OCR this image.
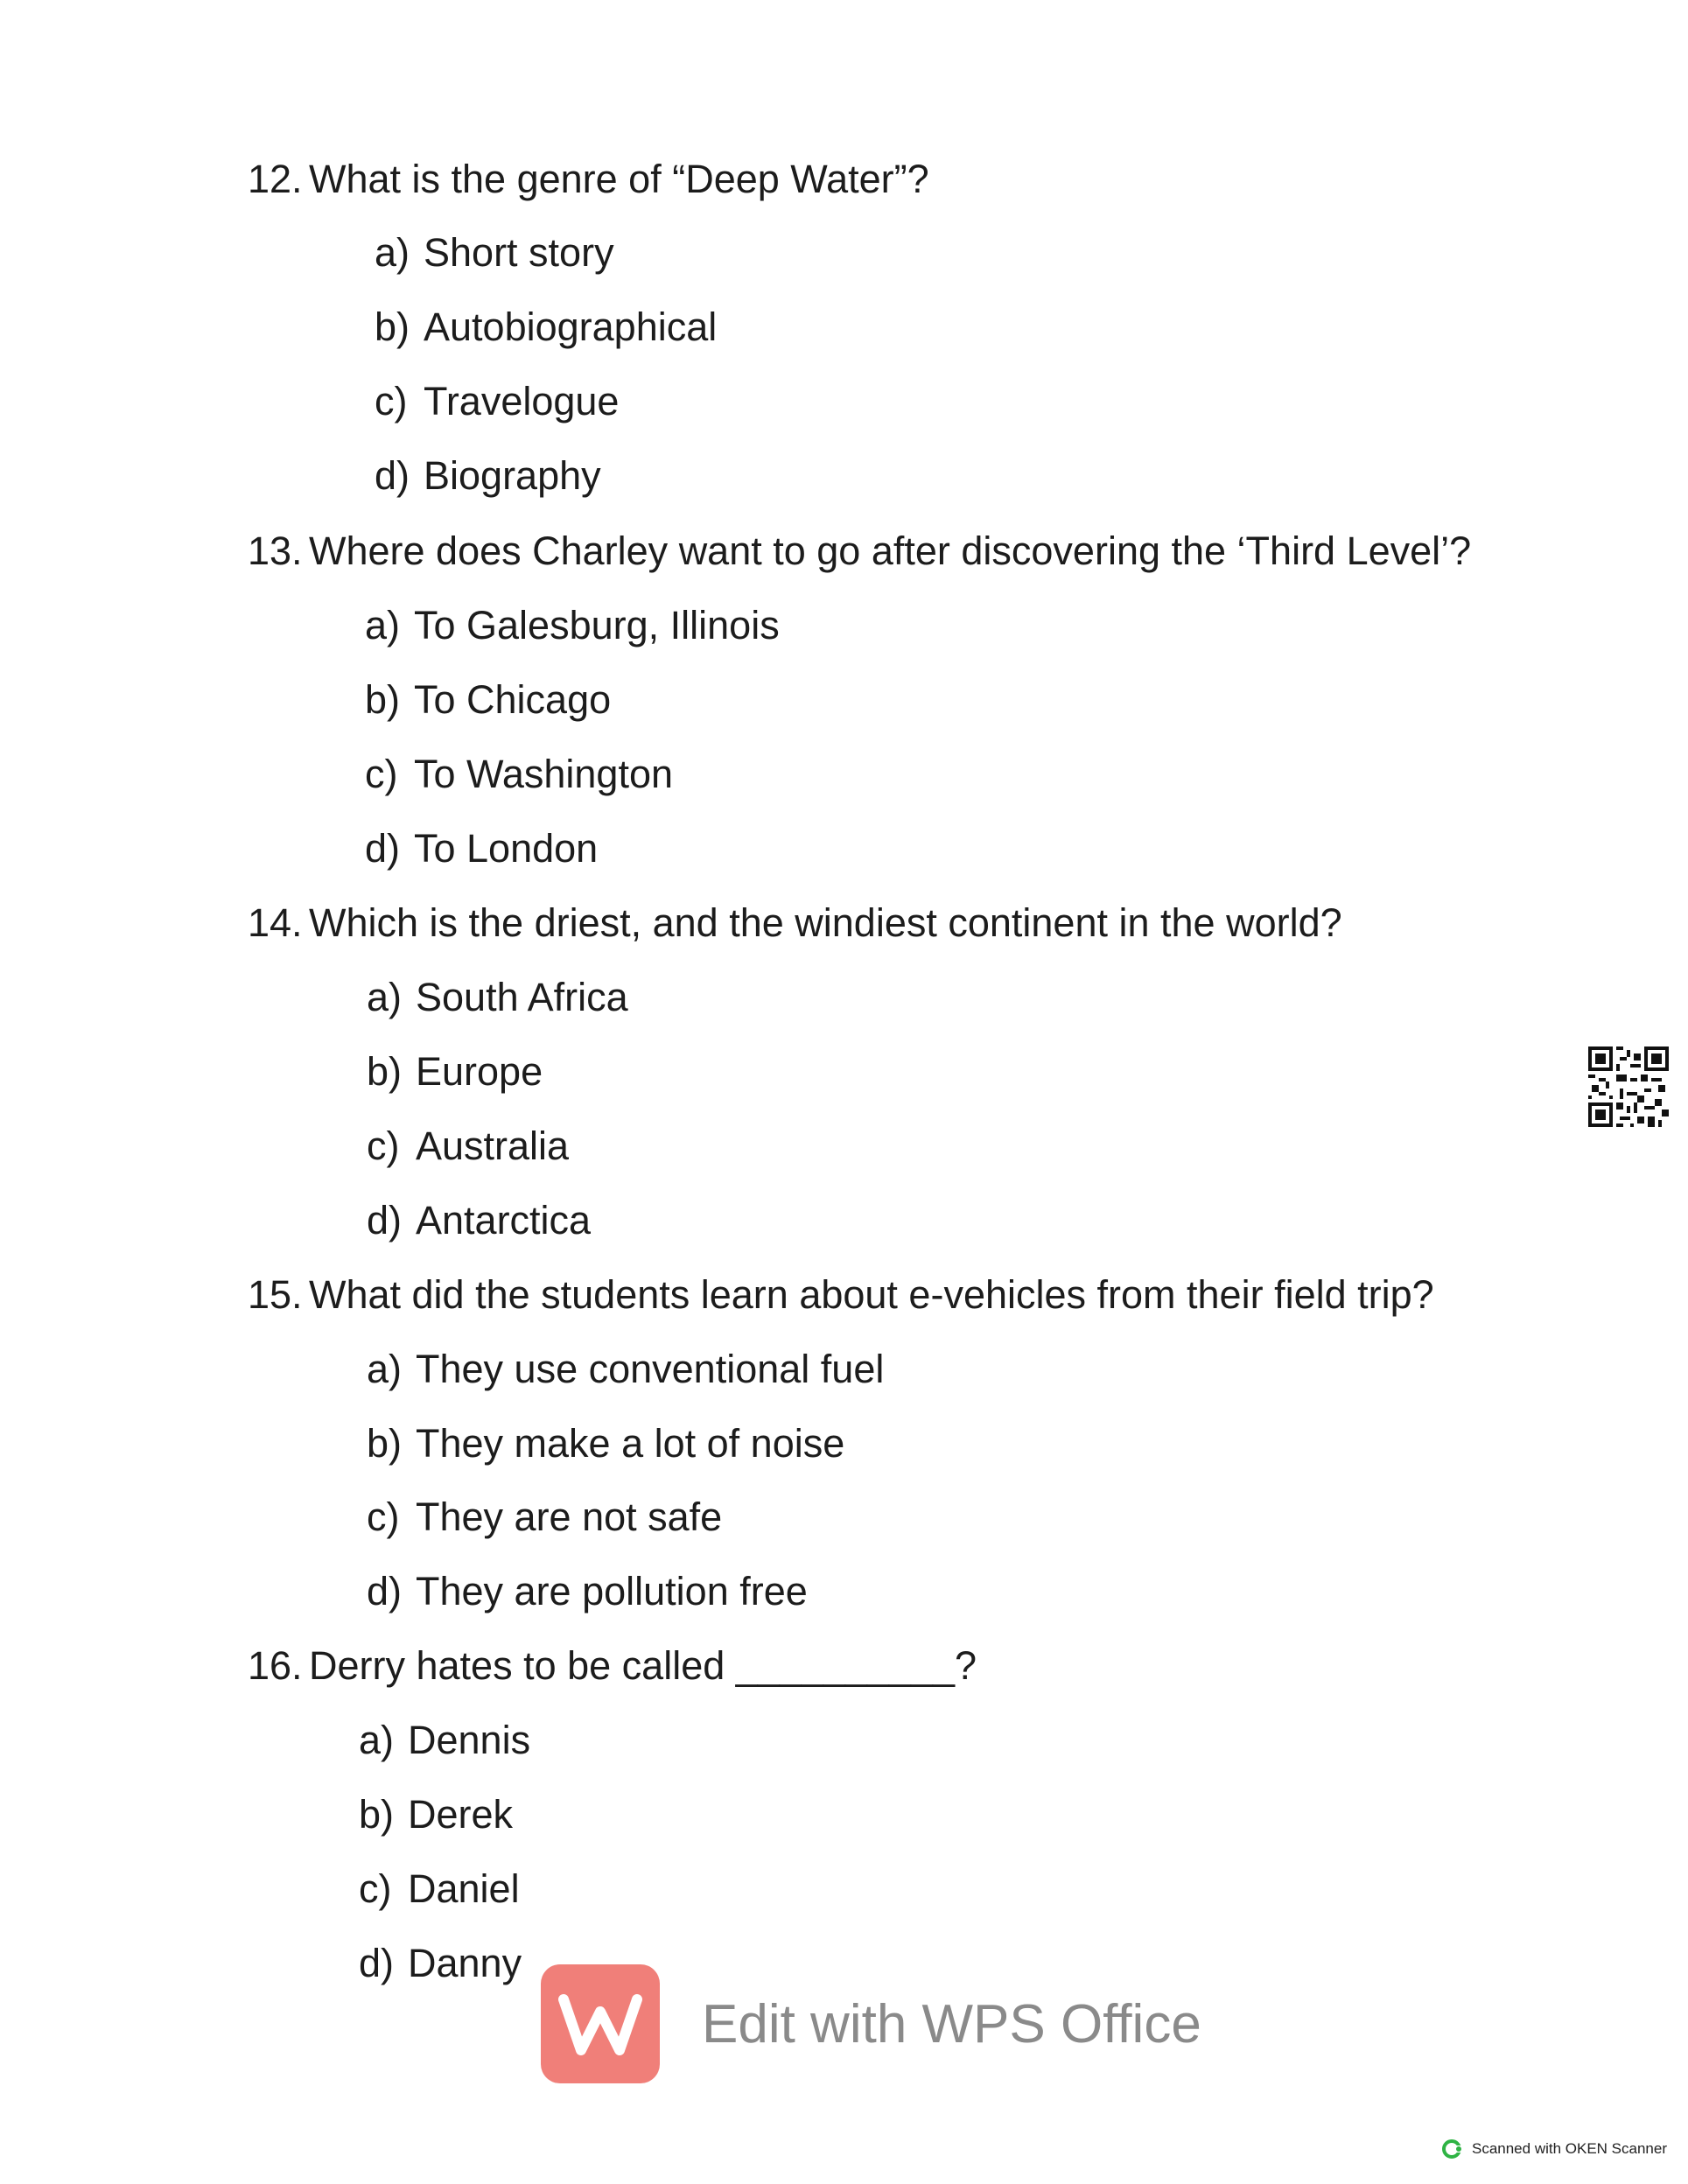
12. What is the genre of “Deep Water”?
a) Short story
b) Autobiographical
c) Travelogue
d) Biography
13. Where does Charley want to go after discovering the ‘Third Level’?
a) To Galesburg, Illinois
b) To Chicago
c) To Washington
d) To London
14. Which is the driest, and the windiest continent in the world?
a) South Africa
b) Europe
c) Australia
d) Antarctica
15. What did the students learn about e-vehicles from their field trip?
a) They use conventional fuel
b) They make a lot of noise
c) They are not safe
d) They are pollution free
16. Derry hates to be called __________?
a) Dennis
b) Derek
c) Daniel
d) Danny
Edit with WPS Office
Scanned with OKEN Scanner
